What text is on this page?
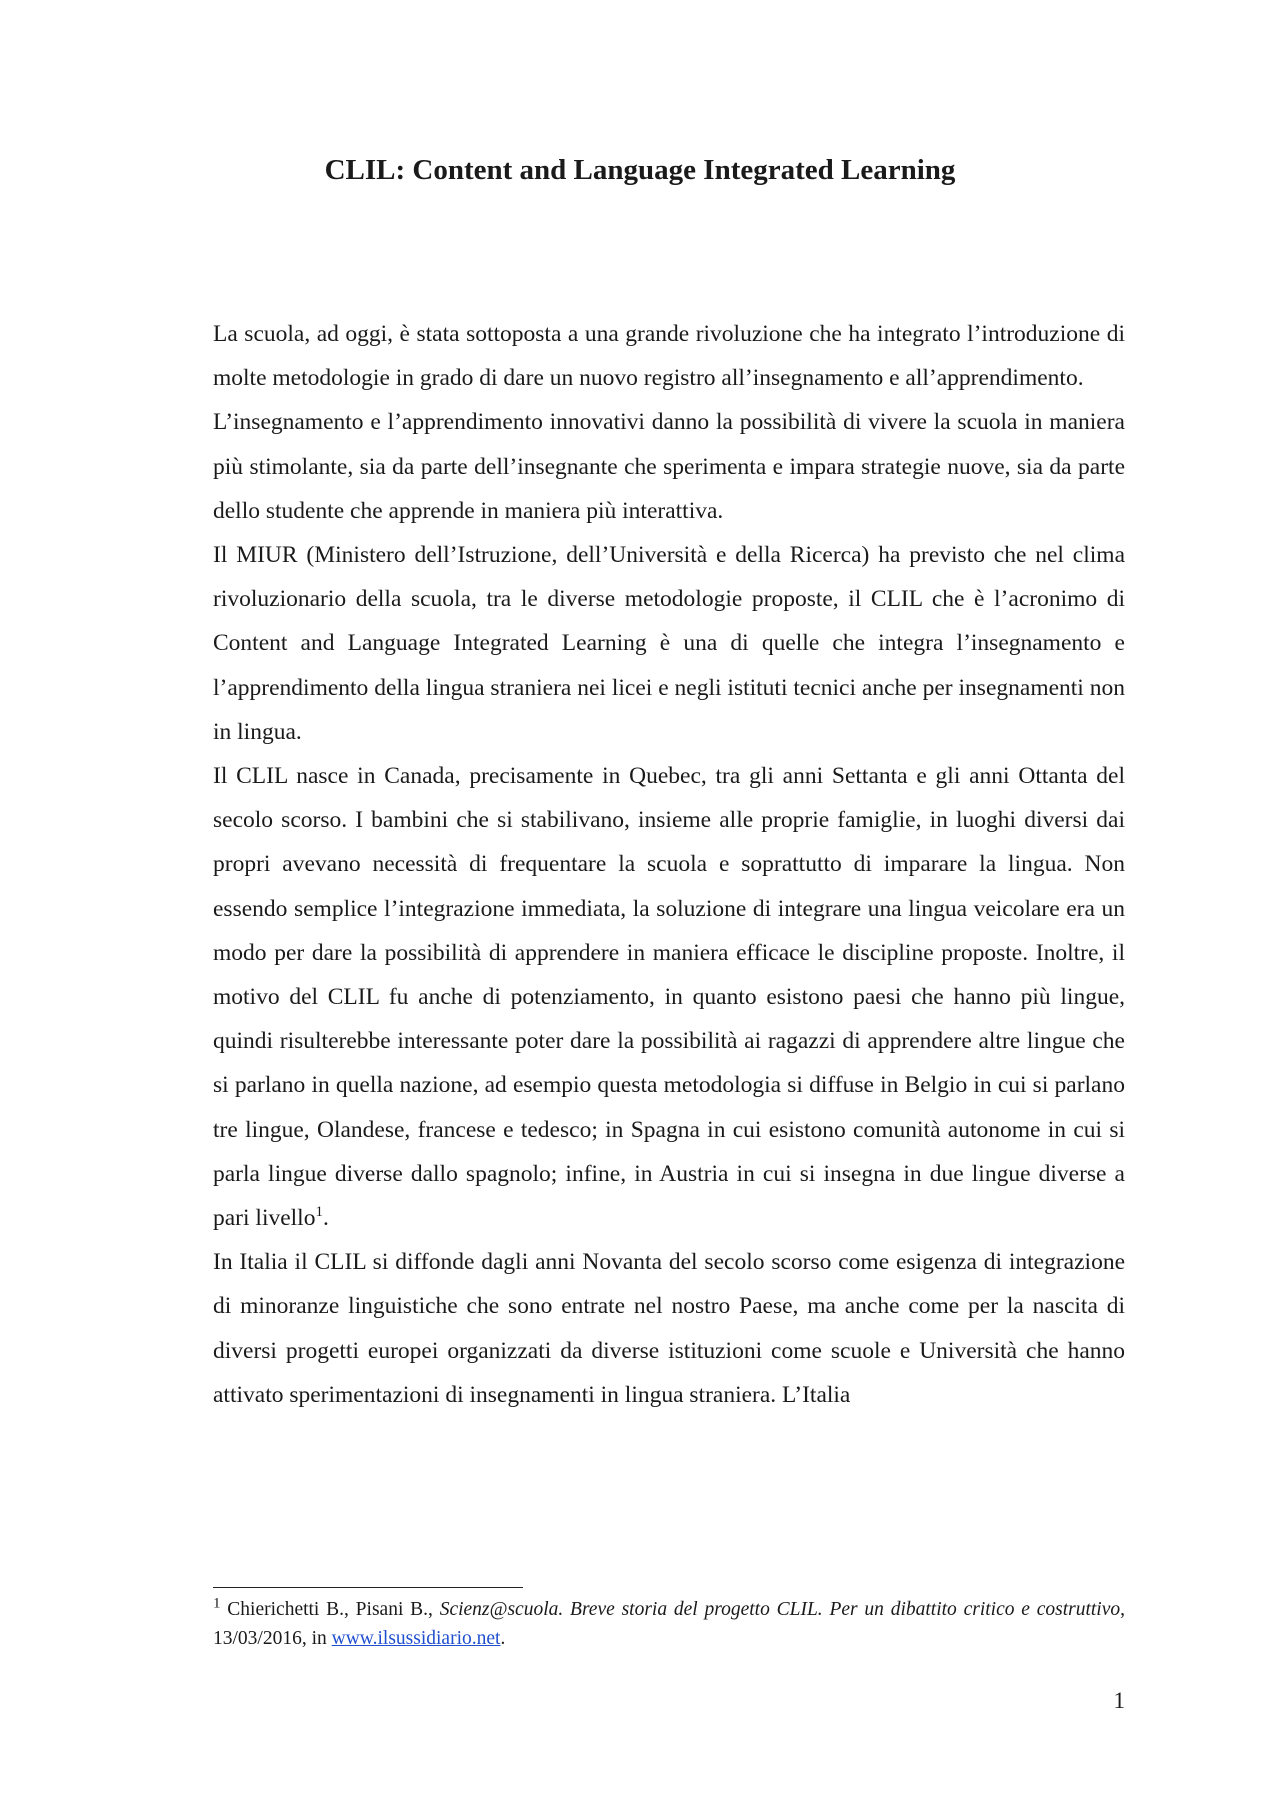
CLIL: Content and Language Integrated Learning

La scuola, ad oggi, è stata sottoposta a una grande rivoluzione che ha integrato l’introduzione di molte metodologie in grado di dare un nuovo registro all’insegnamento e all’apprendimento.

L’insegnamento e l’apprendimento innovativi danno la possibilità di vivere la scuola in maniera più stimolante, sia da parte dell’insegnante che sperimenta e impara strategie nuove, sia da parte dello studente che apprende in maniera più interattiva.

Il MIUR (Ministero dell’Istruzione, dell’Università e della Ricerca) ha previsto che nel clima rivoluzionario della scuola, tra le diverse metodologie proposte, il CLIL che è l’acronimo di Content and Language Integrated Learning è una di quelle che integra l’insegnamento e l’apprendimento della lingua straniera nei licei e negli istituti tecnici anche per insegnamenti non in lingua.

Il CLIL nasce in Canada, precisamente in Quebec, tra gli anni Settanta e gli anni Ottanta del secolo scorso. I bambini che si stabilivano, insieme alle proprie famiglie, in luoghi diversi dai propri avevano necessità di frequentare la scuola e soprattutto di imparare la lingua. Non essendo semplice l’integrazione immediata, la soluzione di integrare una lingua veicolare era un modo per dare la possibilità di apprendere in maniera efficace le discipline proposte. Inoltre, il motivo del CLIL fu anche di potenziamento, in quanto esistono paesi che hanno più lingue, quindi risulterebbe interessante poter dare la possibilità ai ragazzi di apprendere altre lingue che si parlano in quella nazione, ad esempio questa metodologia si diffuse in Belgio in cui si parlano tre lingue, Olandese, francese e tedesco; in Spagna in cui esistono comunità autonome in cui si parla lingue diverse dallo spagnolo; infine, in Austria in cui si insegna in due lingue diverse a pari livello$^1$.

In Italia il CLIL si diffonde dagli anni Novanta del secolo scorso come esigenza di integrazione di minoranze linguistiche che sono entrate nel nostro Paese, ma anche come per la nascita di diversi progetti europei organizzati da diverse istituzioni come scuole e Università che hanno attivato sperimentazioni di insegnamenti in lingua straniera. L’Italia

$^1$ Chierichetti B., Pisani B., Scienz@scuola. Breve storia del progetto CLIL. Per un dibattito critico e costruttivo, 13/03/2016, in www.ilsussidiario.net.
1
